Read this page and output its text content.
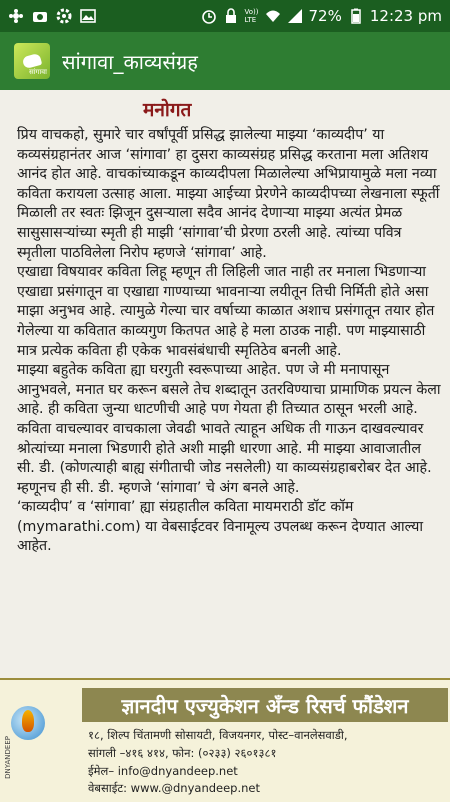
Vo))
LTE	72% 12:23 pm
सांगावा सांगावा_काव्यसंग्रह
मनोगत

प्रिय वाचकहो, सुमारे चार वर्षांपूर्वी प्रसिद्ध झालेल्या माझ्या ‘काव्यदीप’ या कव्यसंग्रहानंतर आज ‘सांगावा’ हा दुसरा काव्यसंग्रह प्रसिद्ध करताना मला अतिशय आनंद होत आहे. वाचकांच्याकडून काव्यदीपला मिळालेल्या अभिप्रायामुळे मला नव्या कविता करायला उत्साह आला. माझ्या आईच्या प्रेरणेने काव्यदीपच्या लेखनाला स्फूर्ती मिळाली तर स्वतः झिजून दुसऱ्याला सदैव आनंद देणाऱ्या माझ्या अत्यंत प्रेमळ सासुसासऱ्यांच्या स्मृती ही माझी ‘सांगावा’ची प्रेरणा ठरली आहे. त्यांच्या पवित्र स्मृतीला पाठविलेला निरोप म्हणजे ‘सांगावा’ आहे.

एखाद्या विषयावर कविता लिहू म्हणून ती लिहिली जात नाही तर मनाला भिडणाऱ्या एखाद्या प्रसंगातून वा एखाद्या गाण्याच्या भावनाऱ्या लयीतून तिची निर्मिती होते असा माझा अनुभव आहे. त्यामुळे गेल्या चार वर्षाच्या काळात अशाच प्रसंगातून तयार होत गेलेल्या या कवितात काव्यगुण कितपत आहे हे मला ठाउक नाही. पण माझ्यासाठी मात्र प्रत्येक कविता ही एकेक भावसंबंधाची स्मृतिठेव बनली आहे.

माझ्या बहुतेक कविता ह्या घरगुती स्वरूपाच्या आहेत. पण जे मी मनापासून आनुभवले, मनात घर करून बसले तेच शब्दातून उतरविण्याचा प्रामाणिक प्रयत्न केला आहे. ही कविता जुन्या धाटणीची आहे पण गेयता ही तिच्यात ठासून भरली आहे. कविता वाचल्यावर वाचकाला जेवढी भावते त्याहून अधिक ती गाऊन दाखवल्यावर श्रोत्यांच्या मनाला भिडणारी होते अशी माझी धारणा आहे. मी माझ्या आवाजातील सी. डी. (कोणत्याही बाह्य संगीताची जोड नसलेली) या काव्यसंग्रहाबरोबर देत आहे. म्हणूनच ही सी. डी. म्हणजे ‘सांगावा’ चे अंग बनले आहे.

‘काव्यदीप’ व ‘सांगावा’ ह्या संग्रहातील कविता मायमराठी डॉट कॉम (mymarathi.com) या वेबसाईटवर विनामूल्य उपलब्ध करून देण्यात आल्या आहेत.

DNYANDEEP
ज्ञानदीप एज्युकेशन अँन्ड रिसर्च फौंडेशन
१८, शिल्प चिंतामणी सोसायटी, विजयनगर, पोस्ट–वानलेसवाडी,
सांगली –४१६ ४१४, फोन: (०२३३) २६०१३८१
ईमेल– info@dnyandeep.net
वेबसाईट: www.@dnyandeep.net
